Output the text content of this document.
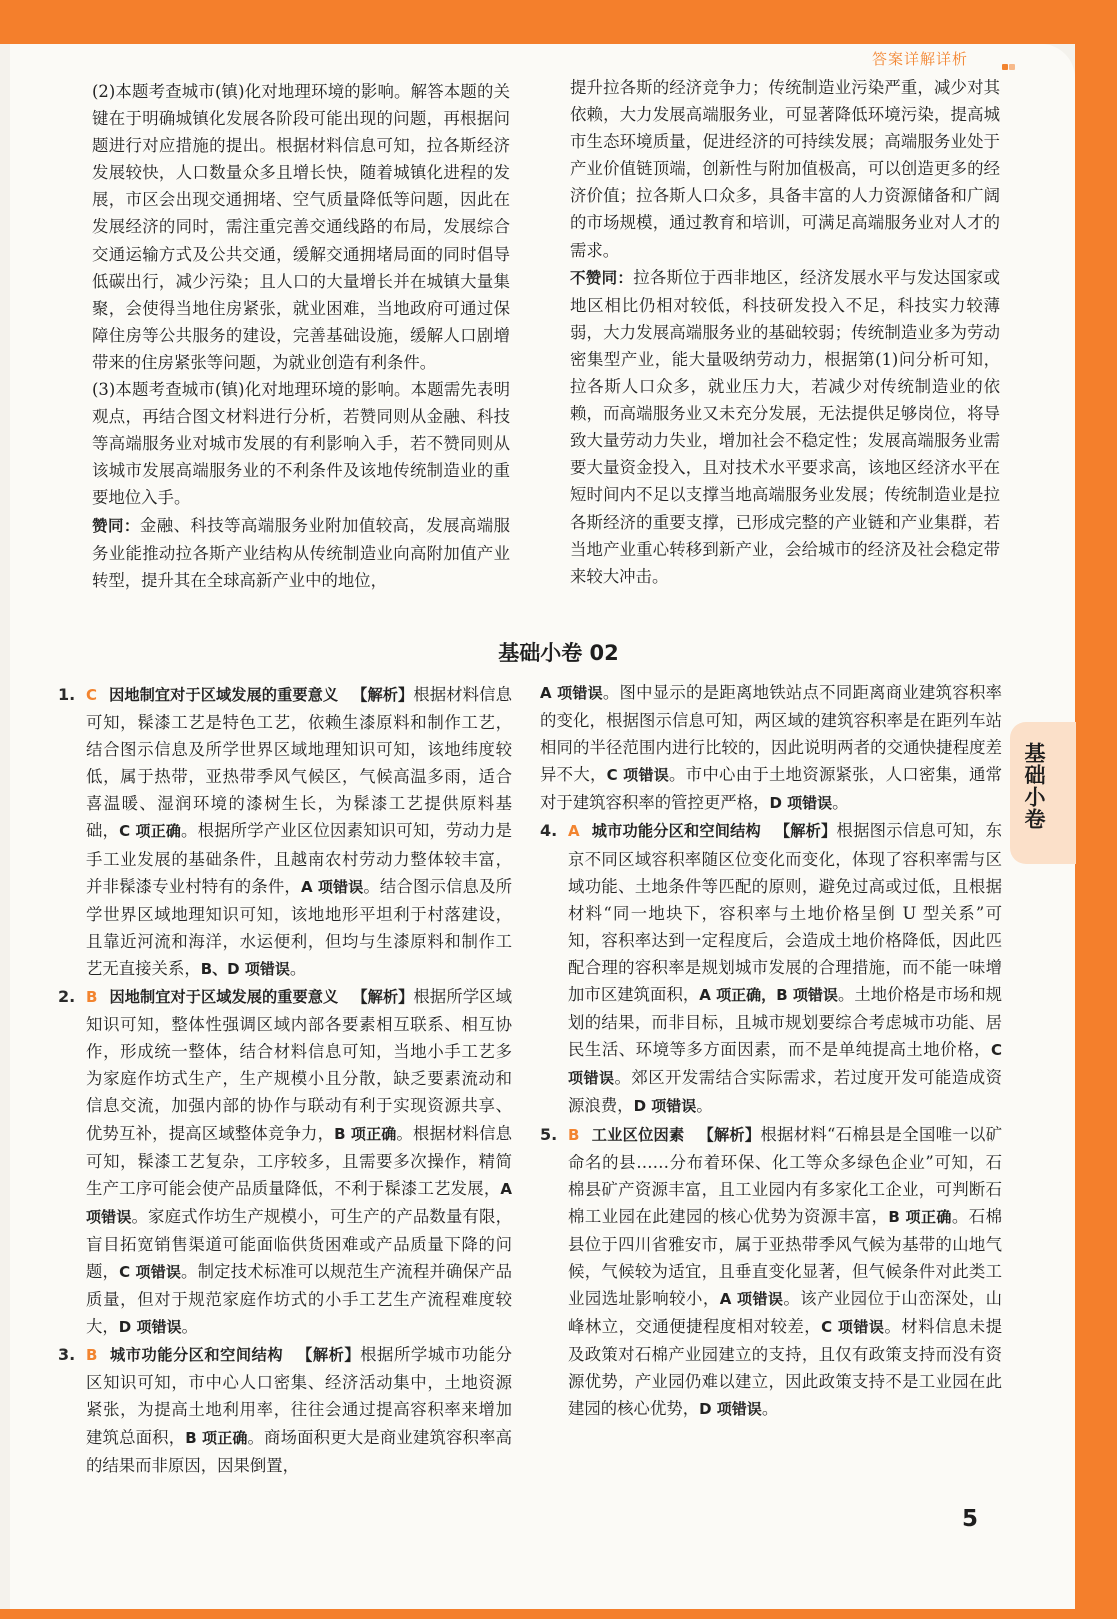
答案详解详析

(2)本题考查城市(镇)化对地理环境的影响。解答本题的关键在于明确城镇化发展各阶段可能出现的问题，再根据问题进行对应措施的提出。根据材料信息可知，拉各斯经济发展较快，人口数量众多且增长快，随着城镇化进程的发展，市区会出现交通拥堵、空气质量降低等问题，因此在发展经济的同时，需注重完善交通线路的布局，发展综合交通运输方式及公共交通，缓解交通拥堵局面的同时倡导低碳出行，减少污染；且人口的大量增长并在城镇大量集聚，会使得当地住房紧张，就业困难，当地政府可通过保障住房等公共服务的建设，完善基础设施，缓解人口剧增带来的住房紧张等问题，为就业创造有利条件。

(3)本题考查城市(镇)化对地理环境的影响。本题需先表明观点，再结合图文材料进行分析，若赞同则从金融、科技等高端服务业对城市发展的有利影响入手，若不赞同则从该城市发展高端服务业的不利条件及该地传统制造业的重要地位入手。

赞同：金融、科技等高端服务业附加值较高，发展高端服务业能推动拉各斯产业结构从传统制造业向高附加值产业转型，提升其在全球高新产业中的地位，

提升拉各斯的经济竞争力；传统制造业污染严重，减少对其依赖，大力发展高端服务业，可显著降低环境污染，提高城市生态环境质量，促进经济的可持续发展；高端服务业处于产业价值链顶端，创新性与附加值极高，可以创造更多的经济价值；拉各斯人口众多，具备丰富的人力资源储备和广阔的市场规模，通过教育和培训，可满足高端服务业对人才的需求。

不赞同：拉各斯位于西非地区，经济发展水平与发达国家或地区相比仍相对较低，科技研发投入不足，科技实力较薄弱，大力发展高端服务业的基础较弱；传统制造业多为劳动密集型产业，能大量吸纳劳动力，根据第(1)问分析可知，拉各斯人口众多，就业压力大，若减少对传统制造业的依赖，而高端服务业又未充分发展，无法提供足够岗位，将导致大量劳动力失业，增加社会不稳定性；发展高端服务业需要大量资金投入，且对技术水平要求高，该地区经济水平在短时间内不足以支撑当地高端服务业发展；传统制造业是拉各斯经济的重要支撑，已形成完整的产业链和产业集群，若当地产业重心转移到新产业，会给城市的经济及社会稳定带来较大冲击。

基础小卷 02
1. C 因地制宜对于区域发展的重要意义 【解析】根据材料信息可知，髹漆工艺是特色工艺，依赖生漆原料和制作工艺，结合图示信息及所学世界区域地理知识可知，该地纬度较低，属于热带，亚热带季风气候区，气候高温多雨，适合喜温暖、湿润环境的漆树生长，为髹漆工艺提供原料基础，C 项正确。根据所学产业区位因素知识可知，劳动力是手工业发展的基础条件，且越南农村劳动力整体较丰富，并非髹漆专业村特有的条件，A 项错误。结合图示信息及所学世界区域地理知识可知，该地地形平坦利于村落建设，且靠近河流和海洋，水运便利，但均与生漆原料和制作工艺无直接关系，B、D 项错误。

2. B 因地制宜对于区域发展的重要意义 【解析】根据所学区域知识可知，整体性强调区域内部各要素相互联系、相互协作，形成统一整体，结合材料信息可知，当地小手工艺多为家庭作坊式生产，生产规模小且分散，缺乏要素流动和信息交流，加强内部的协作与联动有利于实现资源共享、优势互补，提高区域整体竞争力，B 项正确。根据材料信息可知，髹漆工艺复杂，工序较多，且需要多次操作，精简生产工序可能会使产品质量降低，不利于髹漆工艺发展，A 项错误。家庭式作坊生产规模小，可生产的产品数量有限，盲目拓宽销售渠道可能面临供货困难或产品质量下降的问题，C 项错误。制定技术标准可以规范生产流程并确保产品质量，但对于规范家庭作坊式的小手工艺生产流程难度较大，D 项错误。

3. B 城市功能分区和空间结构 【解析】根据所学城市功能分区知识可知，市中心人口密集、经济活动集中，土地资源紧张，为提高土地利用率，往往会通过提高容积率来增加建筑总面积，B 项正确。商场面积更大是商业建筑容积率高的结果而非原因，因果倒置，

A 项错误。图中显示的是距离地铁站点不同距离商业建筑容积率的变化，根据图示信息可知，两区域的建筑容积率是在距列车站相同的半径范围内进行比较的，因此说明两者的交通快捷程度差异不大，C 项错误。市中心由于土地资源紧张，人口密集，通常对于建筑容积率的管控更严格，D 项错误。

4. A 城市功能分区和空间结构 【解析】根据图示信息可知，东京不同区域容积率随区位变化而变化，体现了容积率需与区域功能、土地条件等匹配的原则，避免过高或过低，且根据材料“同一地块下，容积率与土地价格呈倒 U 型关系”可知，容积率达到一定程度后，会造成土地价格降低，因此匹配合理的容积率是规划城市发展的合理措施，而不能一味增加市区建筑面积，A 项正确，B 项错误。土地价格是市场和规划的结果，而非目标，且城市规划要综合考虑城市功能、居民生活、环境等多方面因素，而不是单纯提高土地价格，C 项错误。郊区开发需结合实际需求，若过度开发可能造成资源浪费，D 项错误。

5. B 工业区位因素 【解析】根据材料“石棉县是全国唯一以矿命名的县……分布着环保、化工等众多绿色企业”可知，石棉县矿产资源丰富，且工业园内有多家化工企业，可判断石棉工业园在此建园的核心优势为资源丰富，B 项正确。石棉县位于四川省雅安市，属于亚热带季风气候为基带的山地气候，气候较为适宜，且垂直变化显著，但气候条件对此类工业园选址影响较小，A 项错误。该产业园位于山峦深处，山峰林立，交通便捷程度相对较差，C 项错误。材料信息未提及政策对石棉产业园建立的支持，且仅有政策支持而没有资源优势，产业园仍难以建立，因此政策支持不是工业园在此建园的核心优势，D 项错误。

基础小卷
5
